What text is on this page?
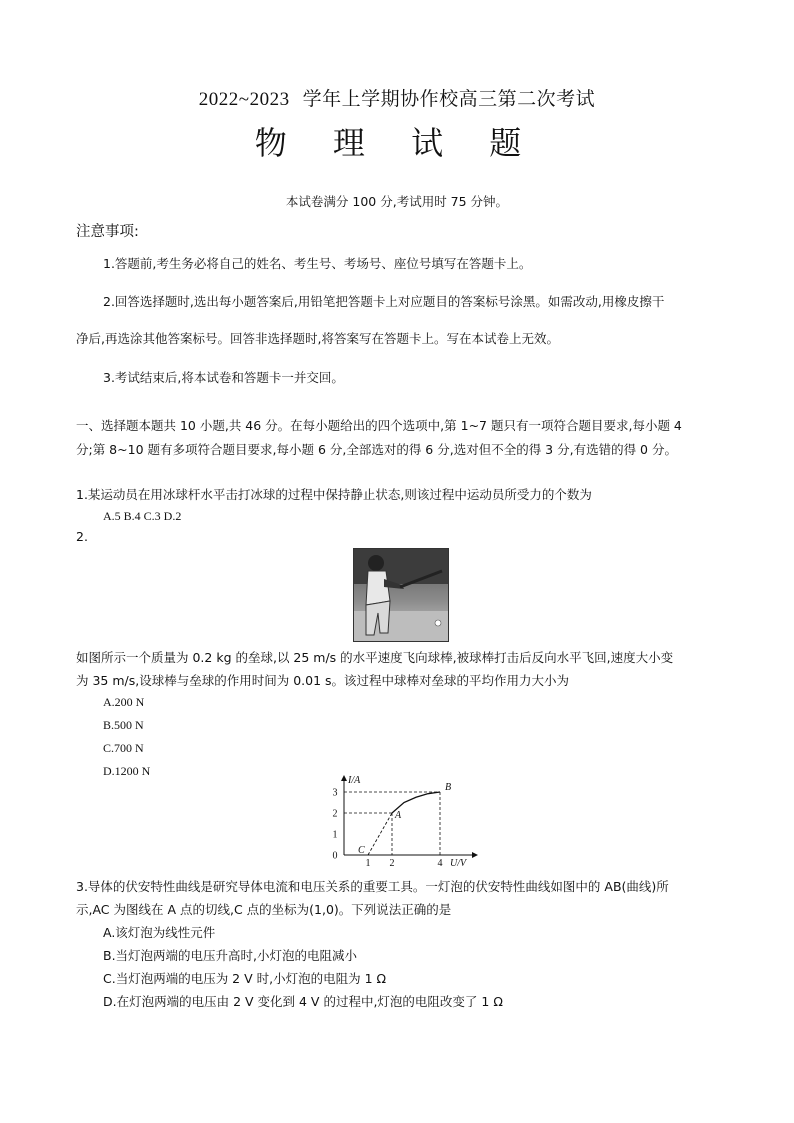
2022~2023 学年上学期协作校高三第二次考试
物 理 试 题
本试卷满分 100 分,考试用时 75 分钟。
注意事项:
1.答题前,考生务必将自己的姓名、考生号、考场号、座位号填写在答题卡上。
2.回答选择题时,选出每小题答案后,用铅笔把答题卡上对应题目的答案标号涂黑。如需改动,用橡皮擦干
净后,再选涂其他答案标号。回答非选择题时,将答案写在答题卡上。写在本试卷上无效。
3.考试结束后,将本试卷和答题卡一并交回。
一、选择题本题共 10 小题,共 46 分。在每小题给出的四个选项中,第 1~7 题只有一项符合题目要求,每小题 4
分;第 8~10 题有多项符合题目要求,每小题 6 分,全部选对的得 6 分,选对但不全的得 3 分,有选错的得 0 分。
1.某运动员在用冰球杆水平击打冰球的过程中保持静止状态,则该过程中运动员所受力的个数为
A.5 B.4 C.3 D.2
2.
如图所示一个质量为 0.2 kg 的垒球,以 25 m/s 的水平速度飞向球棒,被球棒打击后反向水平飞回,速度大小变
为 35 m/s,设球棒与垒球的作用时间为 0.01 s。该过程中球棒对垒球的平均作用力大小为
A.200 N
B.500 N
C.700 N
D.1200 N
I/A
U/V
0
1
2
3
1 2	4
A
B
C
3.导体的伏安特性曲线是研究导体电流和电压关系的重要工具。一灯泡的伏安特性曲线如图中的 AB(曲线)所
示,AC 为图线在 A 点的切线,C 点的坐标为(1,0)。下列说法正确的是
A.该灯泡为线性元件
B.当灯泡两端的电压升高时,小灯泡的电阻减小
C.当灯泡两端的电压为 2 V 时,小灯泡的电阻为 1 Ω
D.在灯泡两端的电压由 2 V 变化到 4 V 的过程中,灯泡的电阻改变了 1 Ω
